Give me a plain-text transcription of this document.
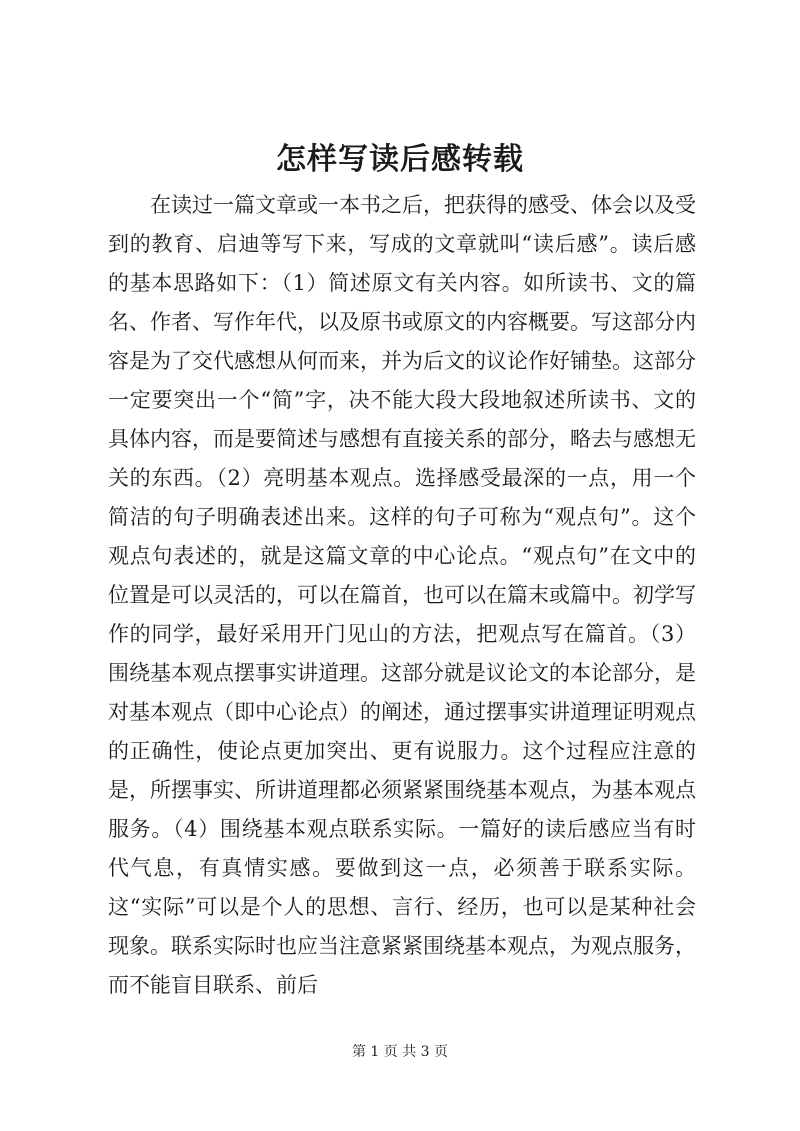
怎样写读后感转载

在读过一篇文章或一本书之后，把获得的感受、体会以及受到的教育、启迪等写下来，写成的文章就叫“读后感”。读后感的基本思路如下：（1）简述原文有关内容。如所读书、文的篇名、作者、写作年代，以及原书或原文的内容概要。写这部分内容是为了交代感想从何而来，并为后文的议论作好铺垫。这部分一定要突出一个“简”字，决不能大段大段地叙述所读书、文的具体内容，而是要简述与感想有直接关系的部分，略去与感想无关的东西。（2）亮明基本观点。选择感受最深的一点，用一个简洁的句子明确表述出来。这样的句子可称为“观点句”。这个观点句表述的，就是这篇文章的中心论点。“观点句”在文中的位置是可以灵活的，可以在篇首，也可以在篇末或篇中。初学写作的同学，最好采用开门见山的方法，把观点写在篇首。（3）围绕基本观点摆事实讲道理。这部分就是议论文的本论部分，是对基本观点（即中心论点）的阐述，通过摆事实讲道理证明观点的正确性，使论点更加突出、更有说服力。这个过程应注意的是，所摆事实、所讲道理都必须紧紧围绕基本观点，为基本观点服务。（4）围绕基本观点联系实际。一篇好的读后感应当有时代气息，有真情实感。要做到这一点，必须善于联系实际。这“实际”可以是个人的思想、言行、经历，也可以是某种社会现象。联系实际时也应当注意紧紧围绕基本观点，为观点服务，而不能盲目联系、前后

第 1 页 共 3 页
